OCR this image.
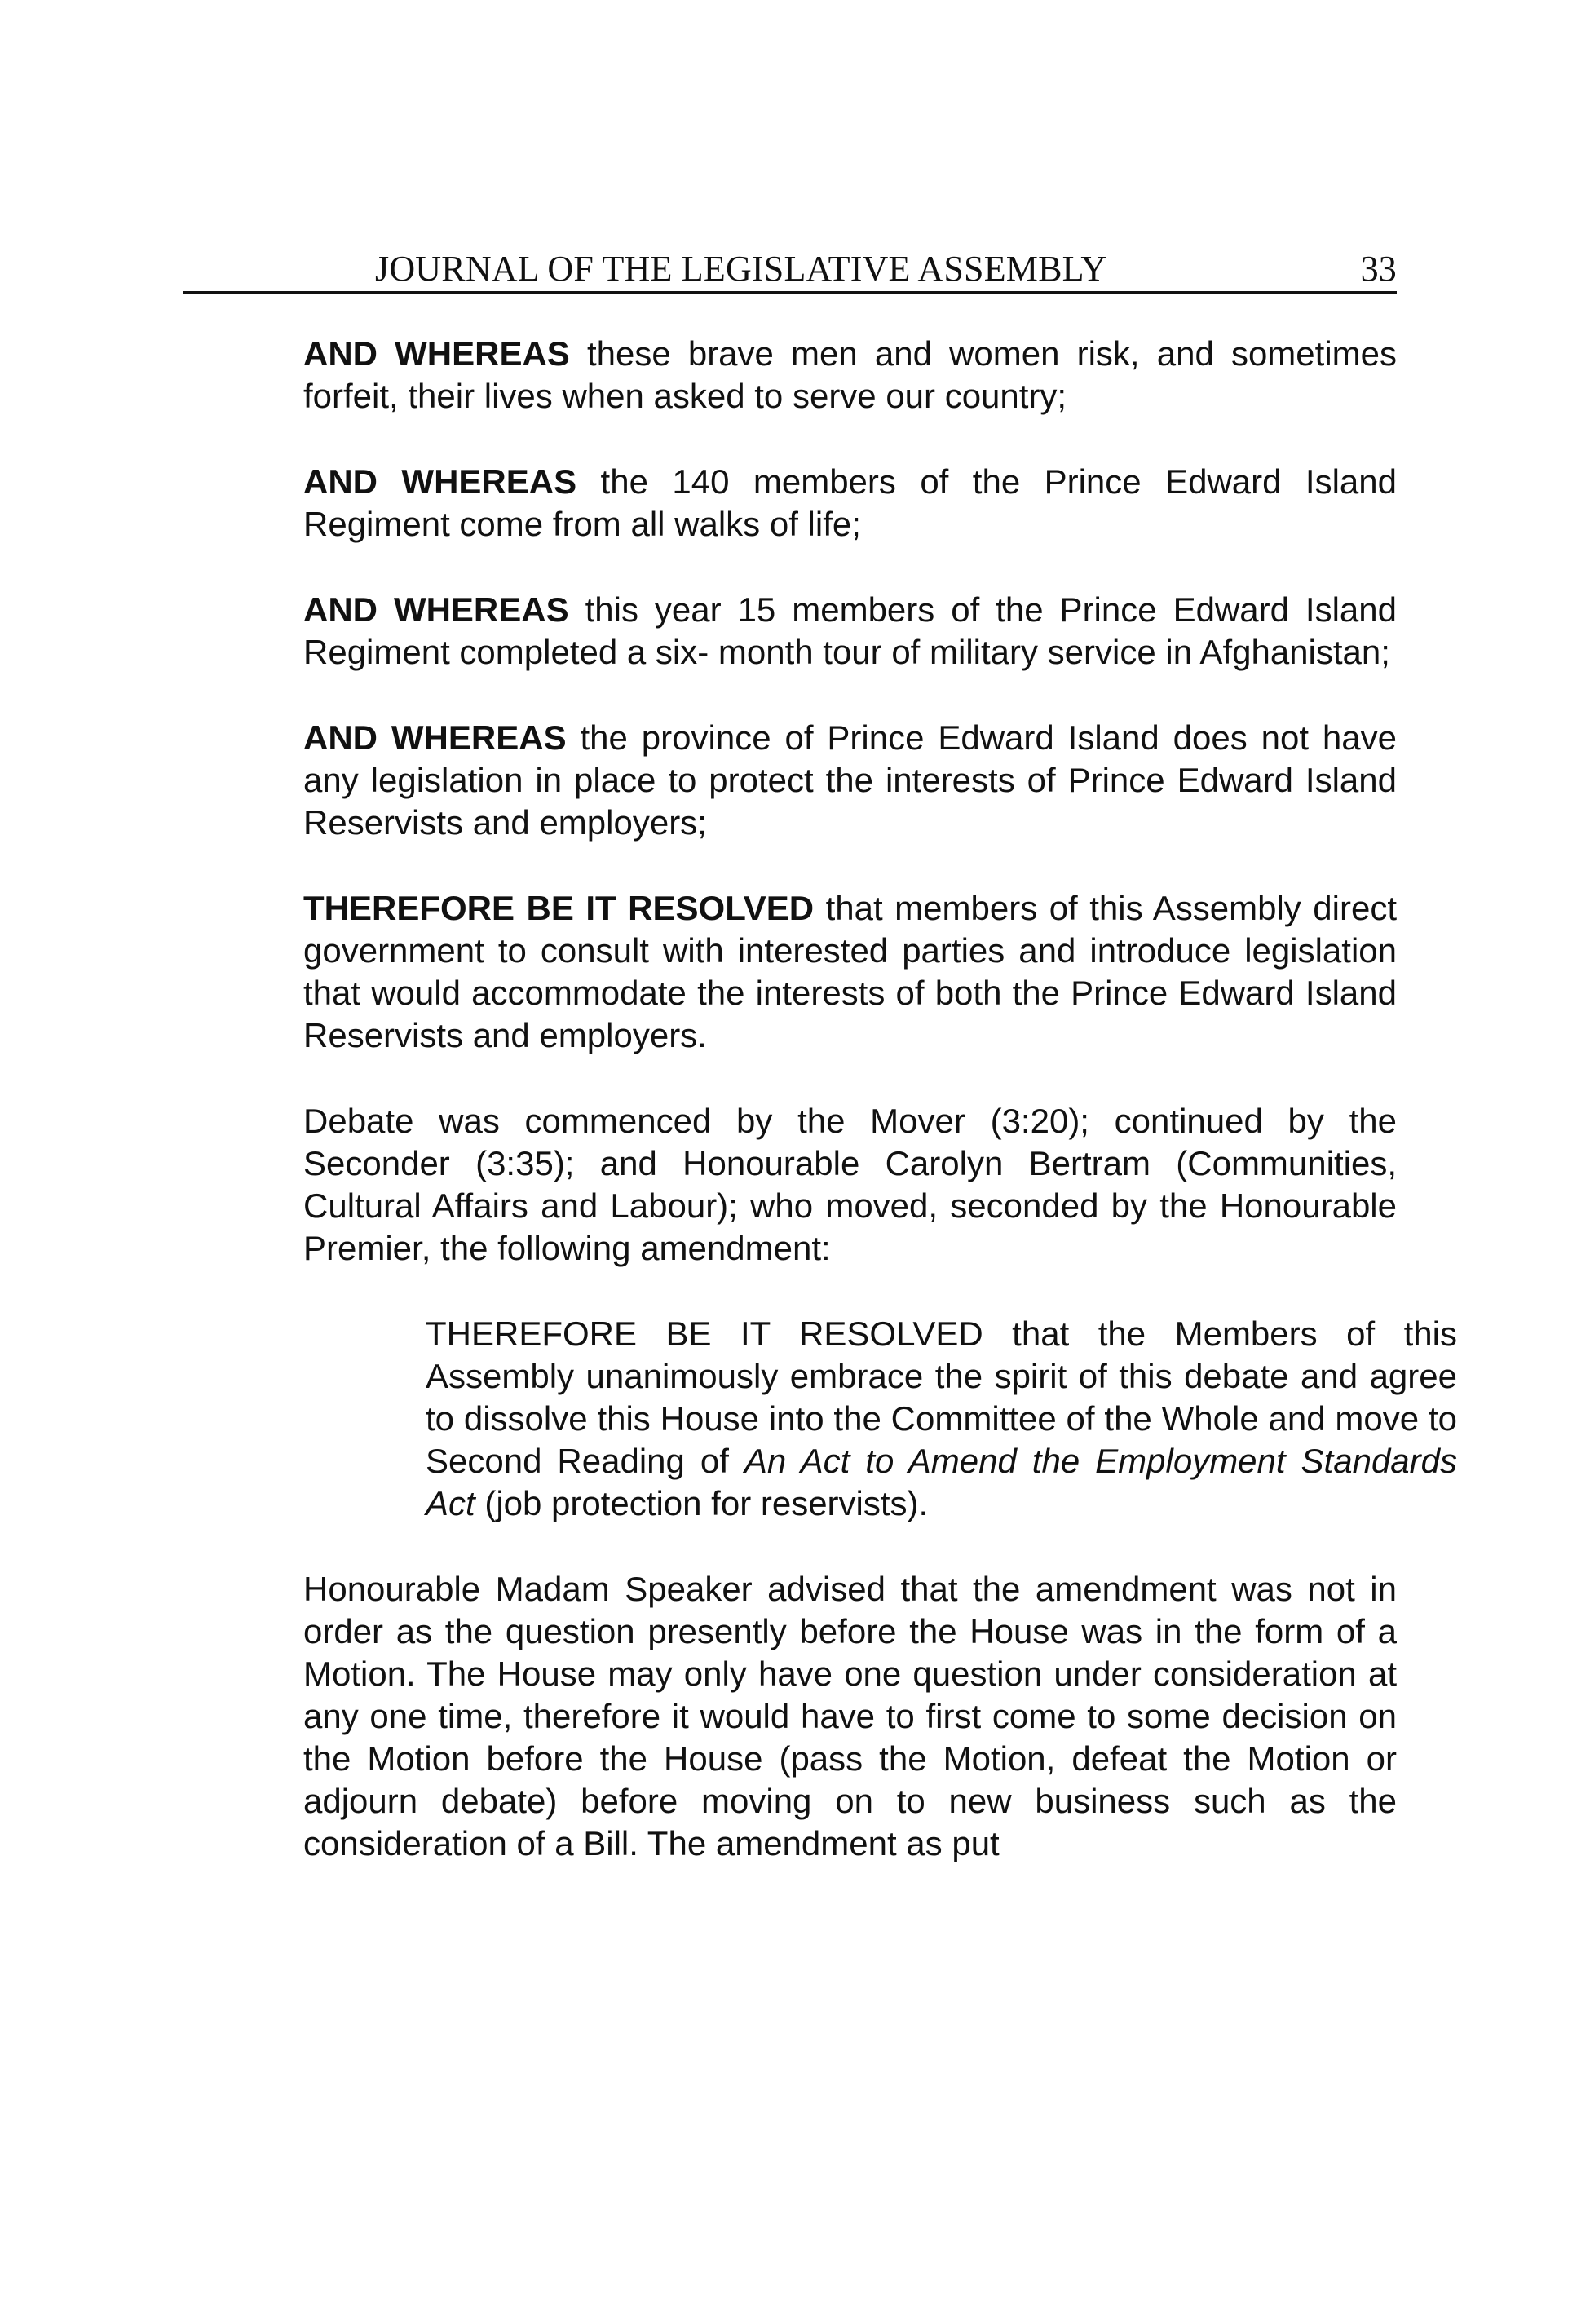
JOURNAL OF THE LEGISLATIVE ASSEMBLY	33

AND WHEREAS these brave men and women risk, and sometimes forfeit, their lives when asked to serve our country;

AND WHEREAS the 140 members of the Prince Edward Island Regiment come from all walks of life;

AND WHEREAS this year 15 members of the Prince Edward Island Regiment completed a six- month tour of military service in Afghanistan;

AND WHEREAS the province of Prince Edward Island does not have any legislation in place to protect the interests of Prince Edward Island Reservists and employers;

THEREFORE BE IT RESOLVED that members of this Assembly direct government to consult with interested parties and introduce legislation that would accommodate the interests of both the Prince Edward Island Reservists and employers.

Debate was commenced by the Mover (3:20); continued by the Seconder (3:35); and Honourable Carolyn Bertram (Communities, Cultural Affairs and Labour); who moved, seconded by the Honourable Premier, the following amendment:

THEREFORE BE IT RESOLVED that the Members of this Assembly unanimously embrace the spirit of this debate and agree to dissolve this House into the Committee of the Whole and move to Second Reading of An Act to Amend the Employment Standards Act (job protection for reservists).

Honourable Madam Speaker advised that the amendment was not in order as the question presently before the House was in the form of a Motion. The House may only have one question under consideration at any one time, therefore it would have to first come to some decision on the Motion before the House (pass the Motion, defeat the Motion or adjourn debate) before moving on to new business such as the consideration of a Bill. The amendment as put
